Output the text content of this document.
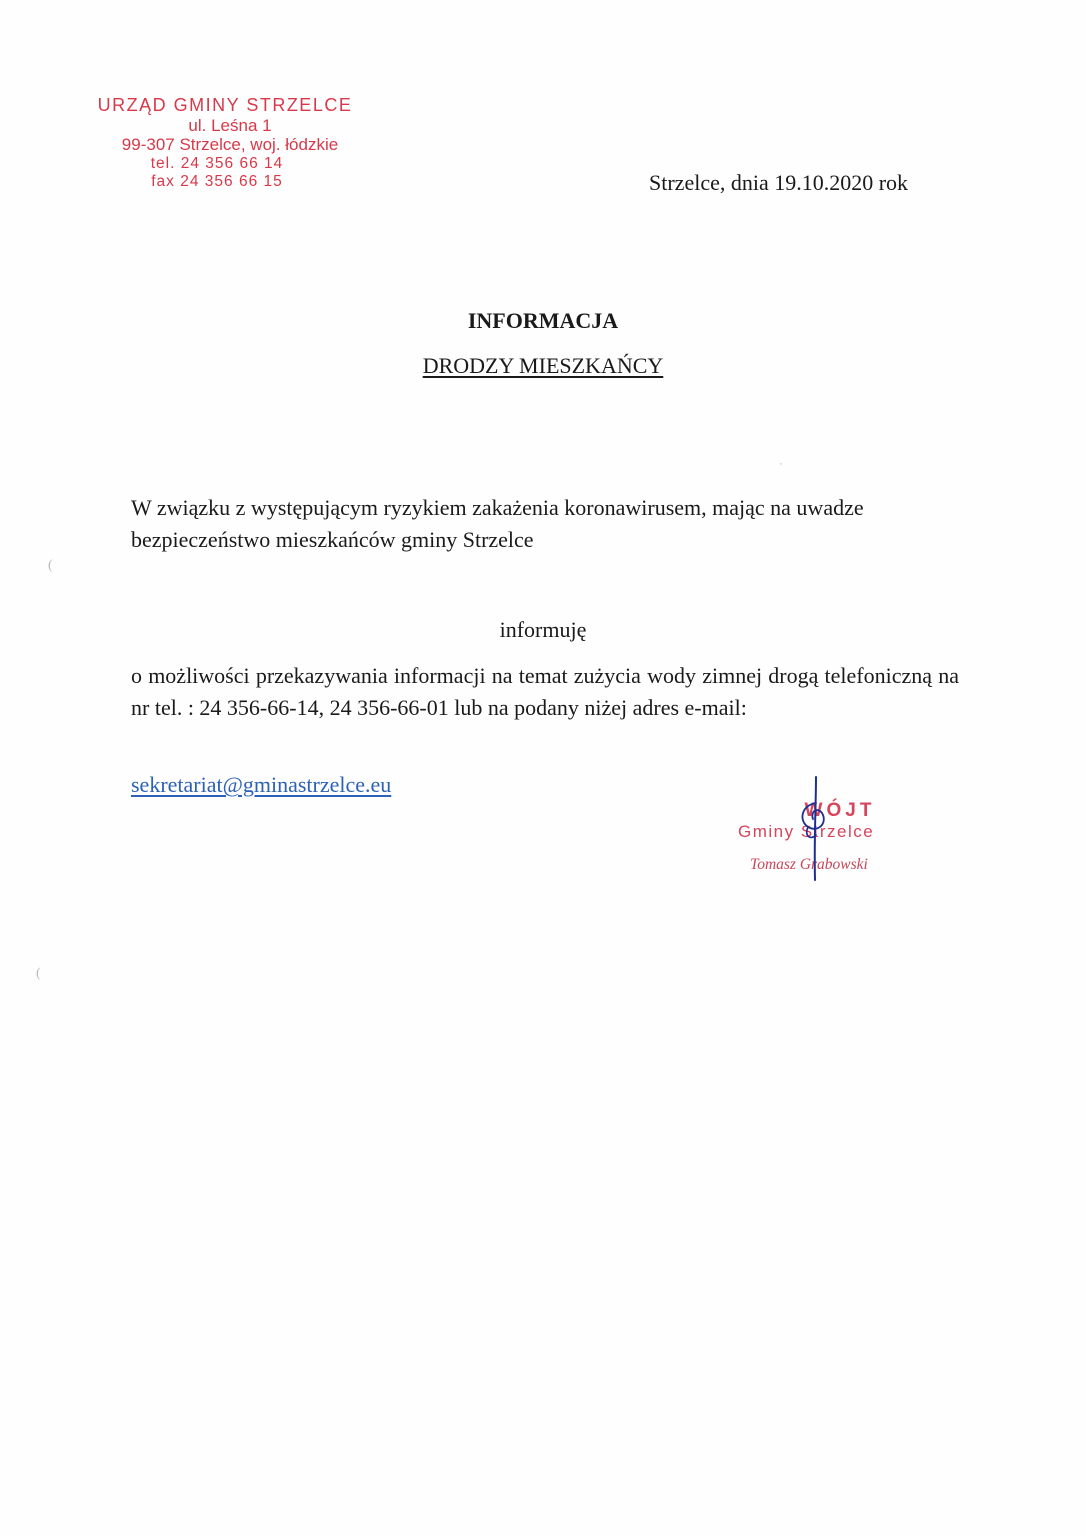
URZĄD GMINY STRZELCE
ul. Leśna 1
99-307 Strzelce, woj. łódzkie
tel. 24 356 66 14
fax 24 356 66 15	Strzelce, dnia 19.10.2020 rok
INFORMACJA
DRODZY MIESZKAŃCY
W związku z występującym ryzykiem zakażenia koronawirusem, mając na uwadze bezpieczeństwo mieszkańców gminy Strzelce
informuję
o możliwości przekazywania informacji na temat zużycia wody zimnej drogą telefoniczną na nr tel. : 24 356-66-14, 24 356-66-01 lub na podany niżej adres e-mail:
sekretariat@gminastrzelce.eu
WÓJT
Gminy Strzelce
Tomasz Grabowski
(
(
'
